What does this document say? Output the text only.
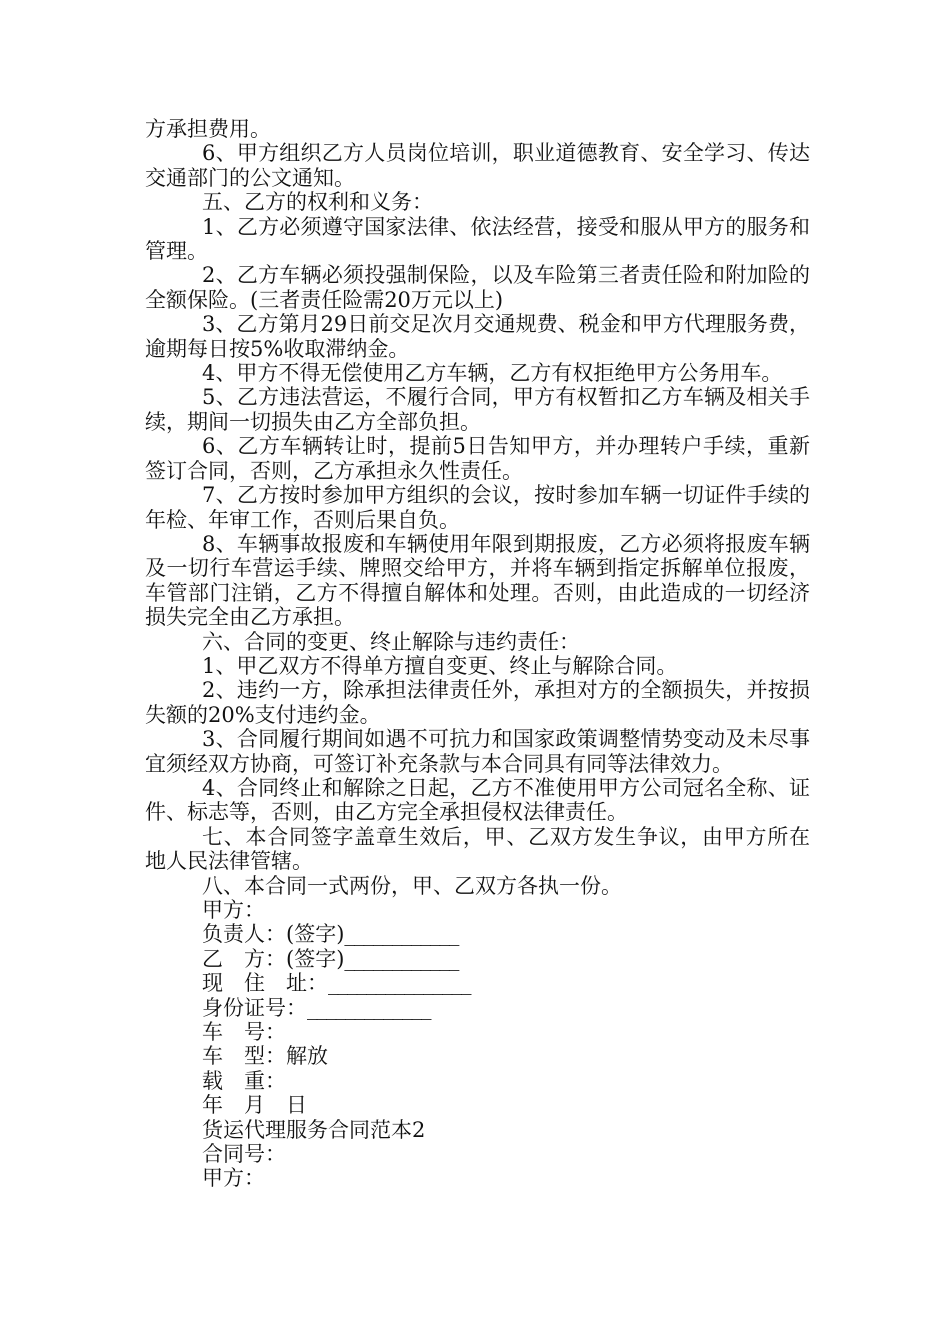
方承担费用。

6、甲方组织乙方人员岗位培训，职业道德教育、安全学习、传达交通部门的公文通知。

五、乙方的权利和义务：

1、乙方必须遵守国家法律、依法经营，接受和服从甲方的服务和管理。

2、乙方车辆必须投强制保险，以及车险第三者责任险和附加险的全额保险。(三者责任险需20万元以上)

3、乙方第月29日前交足次月交通规费、税金和甲方代理服务费，逾期每日按5%收取滞纳金。

4、甲方不得无偿使用乙方车辆，乙方有权拒绝甲方公务用车。

5、乙方违法营运，不履行合同，甲方有权暂扣乙方车辆及相关手续，期间一切损失由乙方全部负担。

6、乙方车辆转让时，提前5日告知甲方，并办理转户手续，重新签订合同，否则，乙方承担永久性责任。

7、乙方按时参加甲方组织的会议，按时参加车辆一切证件手续的年检、年审工作，否则后果自负。

8、车辆事故报废和车辆使用年限到期报废，乙方必须将报废车辆及一切行车营运手续、牌照交给甲方，并将车辆到指定拆解单位报废，车管部门注销，乙方不得擅自解体和处理。否则，由此造成的一切经济损失完全由乙方承担。

六、合同的变更、终止解除与违约责任：

1、甲乙双方不得单方擅自变更、终止与解除合同。

2、违约一方，除承担法律责任外，承担对方的全额损失，并按损失额的20%支付违约金。

3、合同履行期间如遇不可抗力和国家政策调整情势变动及未尽事宜须经双方协商，可签订补充条款与本合同具有同等法律效力。

4、合同终止和解除之日起，乙方不准使用甲方公司冠名全称、证件、标志等，否则，由乙方完全承担侵权法律责任。

七、本合同签字盖章生效后，甲、乙双方发生争议，由甲方所在地人民法律管辖。

八、本合同一式两份，甲、乙双方各执一份。

甲方：

负责人：(签字)____________

乙　方：(签字)____________

现　住　址：_______________

身份证号：_____________

车　号：

车　型：解放

载　重：

年　月　日

货运代理服务合同范本2

合同号：

甲方：
